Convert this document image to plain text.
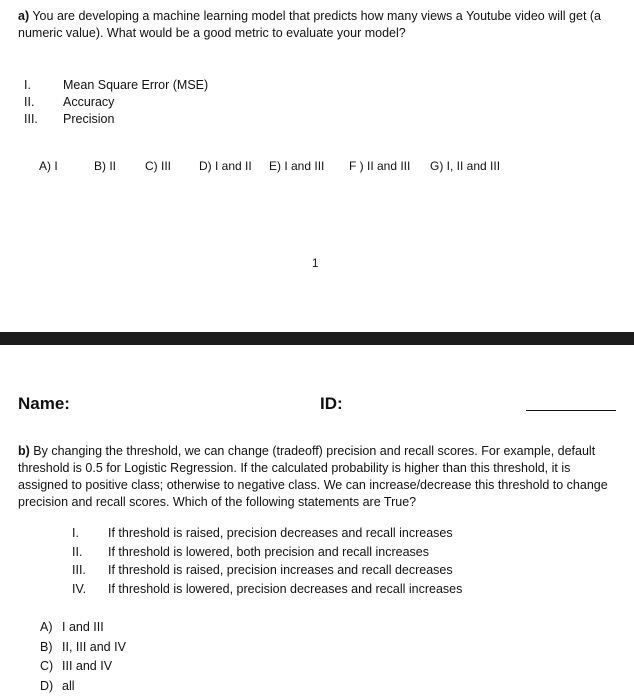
a) You are developing a machine learning model that predicts how many views a Youtube video will get (a numeric value). What would be a good metric to evaluate your model?
I.	Mean Square Error (MSE)
II.	Accuracy
III.	Precision
A) I	B) II C) III D) I and II E) I and III F ) II and III G) I, II and III
1
Name:	ID:
b) By changing the threshold, we can change (tradeoff) precision and recall scores. For example, default threshold is 0.5 for Logistic Regression. If the calculated probability is higher than this threshold, it is assigned to positive class; otherwise to negative class. We can increase/decrease this threshold to change precision and recall scores. Which of the following statements are True?
I.	If threshold is raised, precision decreases and recall increases
II.	If threshold is lowered, both precision and recall increases
III.	If threshold is raised, precision increases and recall decreases
IV.	If threshold is lowered, precision decreases and recall increases
A) I and III
B) II, III and IV
C) III and IV
D) all
